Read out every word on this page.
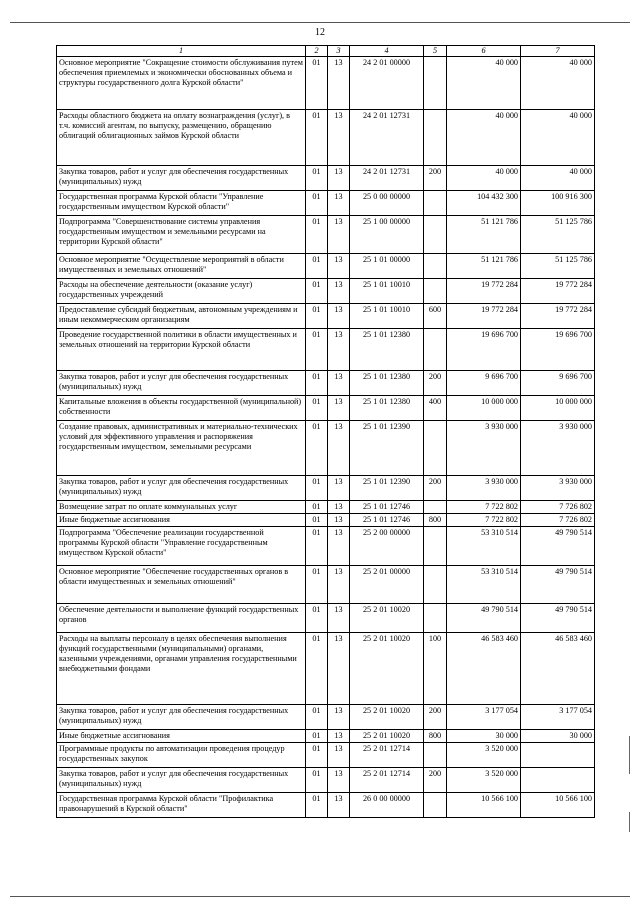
12
1	2	3	4	5	6	7
Основное мероприятие "Сокращение стоимости обслуживания путем обеспечения приемлемых и экономически обоснованных объема и структуры государственного долга Курской области"	01	13	24 2 01 00000		40 000	40 000
Расходы областного бюджета на оплату вознаграждения (услуг), в т.ч. комиссий агентам, по выпуску, размещению, обращению облигаций облигационных займов Курской области	01	13	24 2 01 12731		40 000	40 000
Закупка товаров, работ и услуг для обеспечения государственных (муниципальных) нужд	01	13	24 2 01 12731	200	40 000	40 000
Государственная программа Курской области "Управление государственным имуществом Курской области"	01	13	25 0 00 00000		104 432 300	100 916 300
Подпрограмма "Совершенствование системы управления государственным имуществом и земельными ресурсами на территории Курской области"	01	13	25 1 00 00000		51 121 786	51 125 786
Основное мероприятие "Осуществление мероприятий в области имущественных и земельных отношений"	01	13	25 1 01 00000		51 121 786	51 125 786
Расходы на обеспечение деятельности (оказание услуг) государственных учреждений	01	13	25 1 01 10010		19 772 284	19 772 284
Предоставление субсидий бюджетным, автономным учреждениям и иным некоммерческим организациям	01	13	25 1 01 10010	600	19 772 284	19 772 284
Проведение государственной политики в области имущественных и земельных отношений на территории Курской области	01	13	25 1 01 12380		19 696 700	19 696 700
Закупка товаров, работ и услуг для обеспечения государственных (муниципальных) нужд	01	13	25 1 01 12380	200	9 696 700	9 696 700
Капитальные вложения в объекты государственной (муниципальной) собственности	01	13	25 1 01 12380	400	10 000 000	10 000 000
Создание правовых, административных и материально-технических условий для эффективного управления и распоряжения государственным имуществом, земельными ресурсами	01	13	25 1 01 12390		3 930 000	3 930 000
Закупка товаров, работ и услуг для обеспечения государственных (муниципальных) нужд	01	13	25 1 01 12390	200	3 930 000	3 930 000
Возмещение затрат по оплате коммунальных услуг	01	13	25 1 01 12746		7 722 802	7 726 802
Иные бюджетные ассигнования	01	13	25 1 01 12746	800	7 722 802	7 726 802
Подпрограмма "Обеспечение реализации государственной программы Курской области "Управление государственным имуществом Курской области"	01	13	25 2 00 00000		53 310 514	49 790 514
Основное мероприятие "Обеспечение государственных органов в области имущественных и земельных отношений"	01	13	25 2 01 00000		53 310 514	49 790 514
Обеспечение деятельности и выполнение функций государственных органов	01	13	25 2 01 10020		49 790 514	49 790 514
Расходы на выплаты персоналу в целях обеспечения выполнения функций государственными (муниципальными) органами, казенными учреждениями, органами управления государственными внебюджетными фондами	01	13	25 2 01 10020	100	46 583 460	46 583 460
Закупка товаров, работ и услуг для обеспечения государственных (муниципальных) нужд	01	13	25 2 01 10020	200	3 177 054	3 177 054
Иные бюджетные ассигнования	01	13	25 2 01 10020	800	30 000	30 000
Программные продукты по автоматизации проведения процедур государственных закупок	01	13	25 2 01 12714		3 520 000	
Закупка товаров, работ и услуг для обеспечения государственных (муниципальных) нужд	01	13	25 2 01 12714	200	3 520 000	
Государственная программа Курской области "Профилактика правонарушений в Курской области"	01	13	26 0 00 00000		10 566 100	10 566 100
